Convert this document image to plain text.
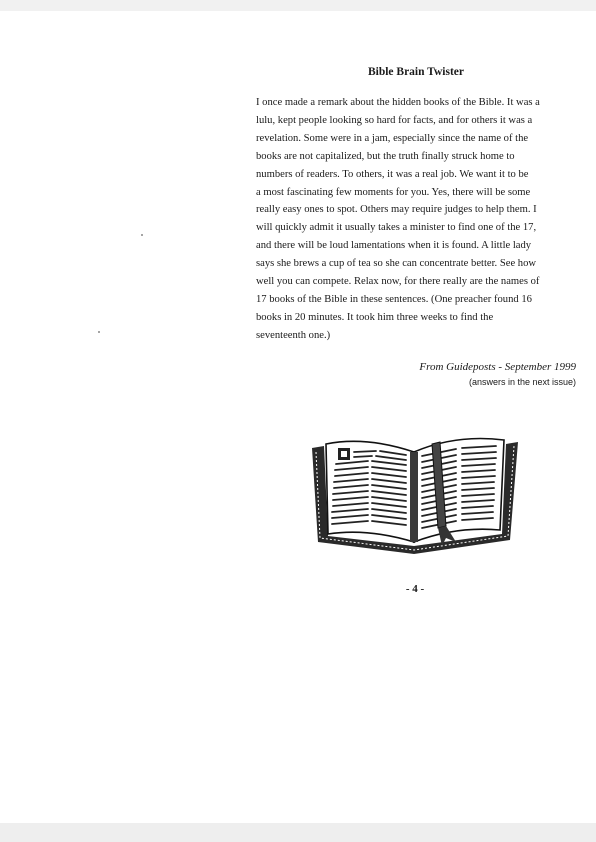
Bible Brain Twister

I once made a remark about the hidden books of the Bible. It was a
lulu, kept people looking so hard for facts, and for others it was a
revelation. Some were in a jam, especially since the name of the
books are not capitalized, but the truth finally struck home to
numbers of readers. To others, it was a real job. We want it to be
a most fascinating few moments for you. Yes, there will be some
really easy ones to spot. Others may require judges to help them. I
will quickly admit it usually takes a minister to find one of the 17,
and there will be loud lamentations when it is found. A little lady
says she brews a cup of tea so she can concentrate better. See how
well you can compete. Relax now, for there really are the names of
17 books of the Bible in these sentences. (One preacher found 16
books in 20 minutes. It took him three weeks to find the
seventeenth one.)

From Guideposts - September 1999
(answers in the next issue)
- 4 -
